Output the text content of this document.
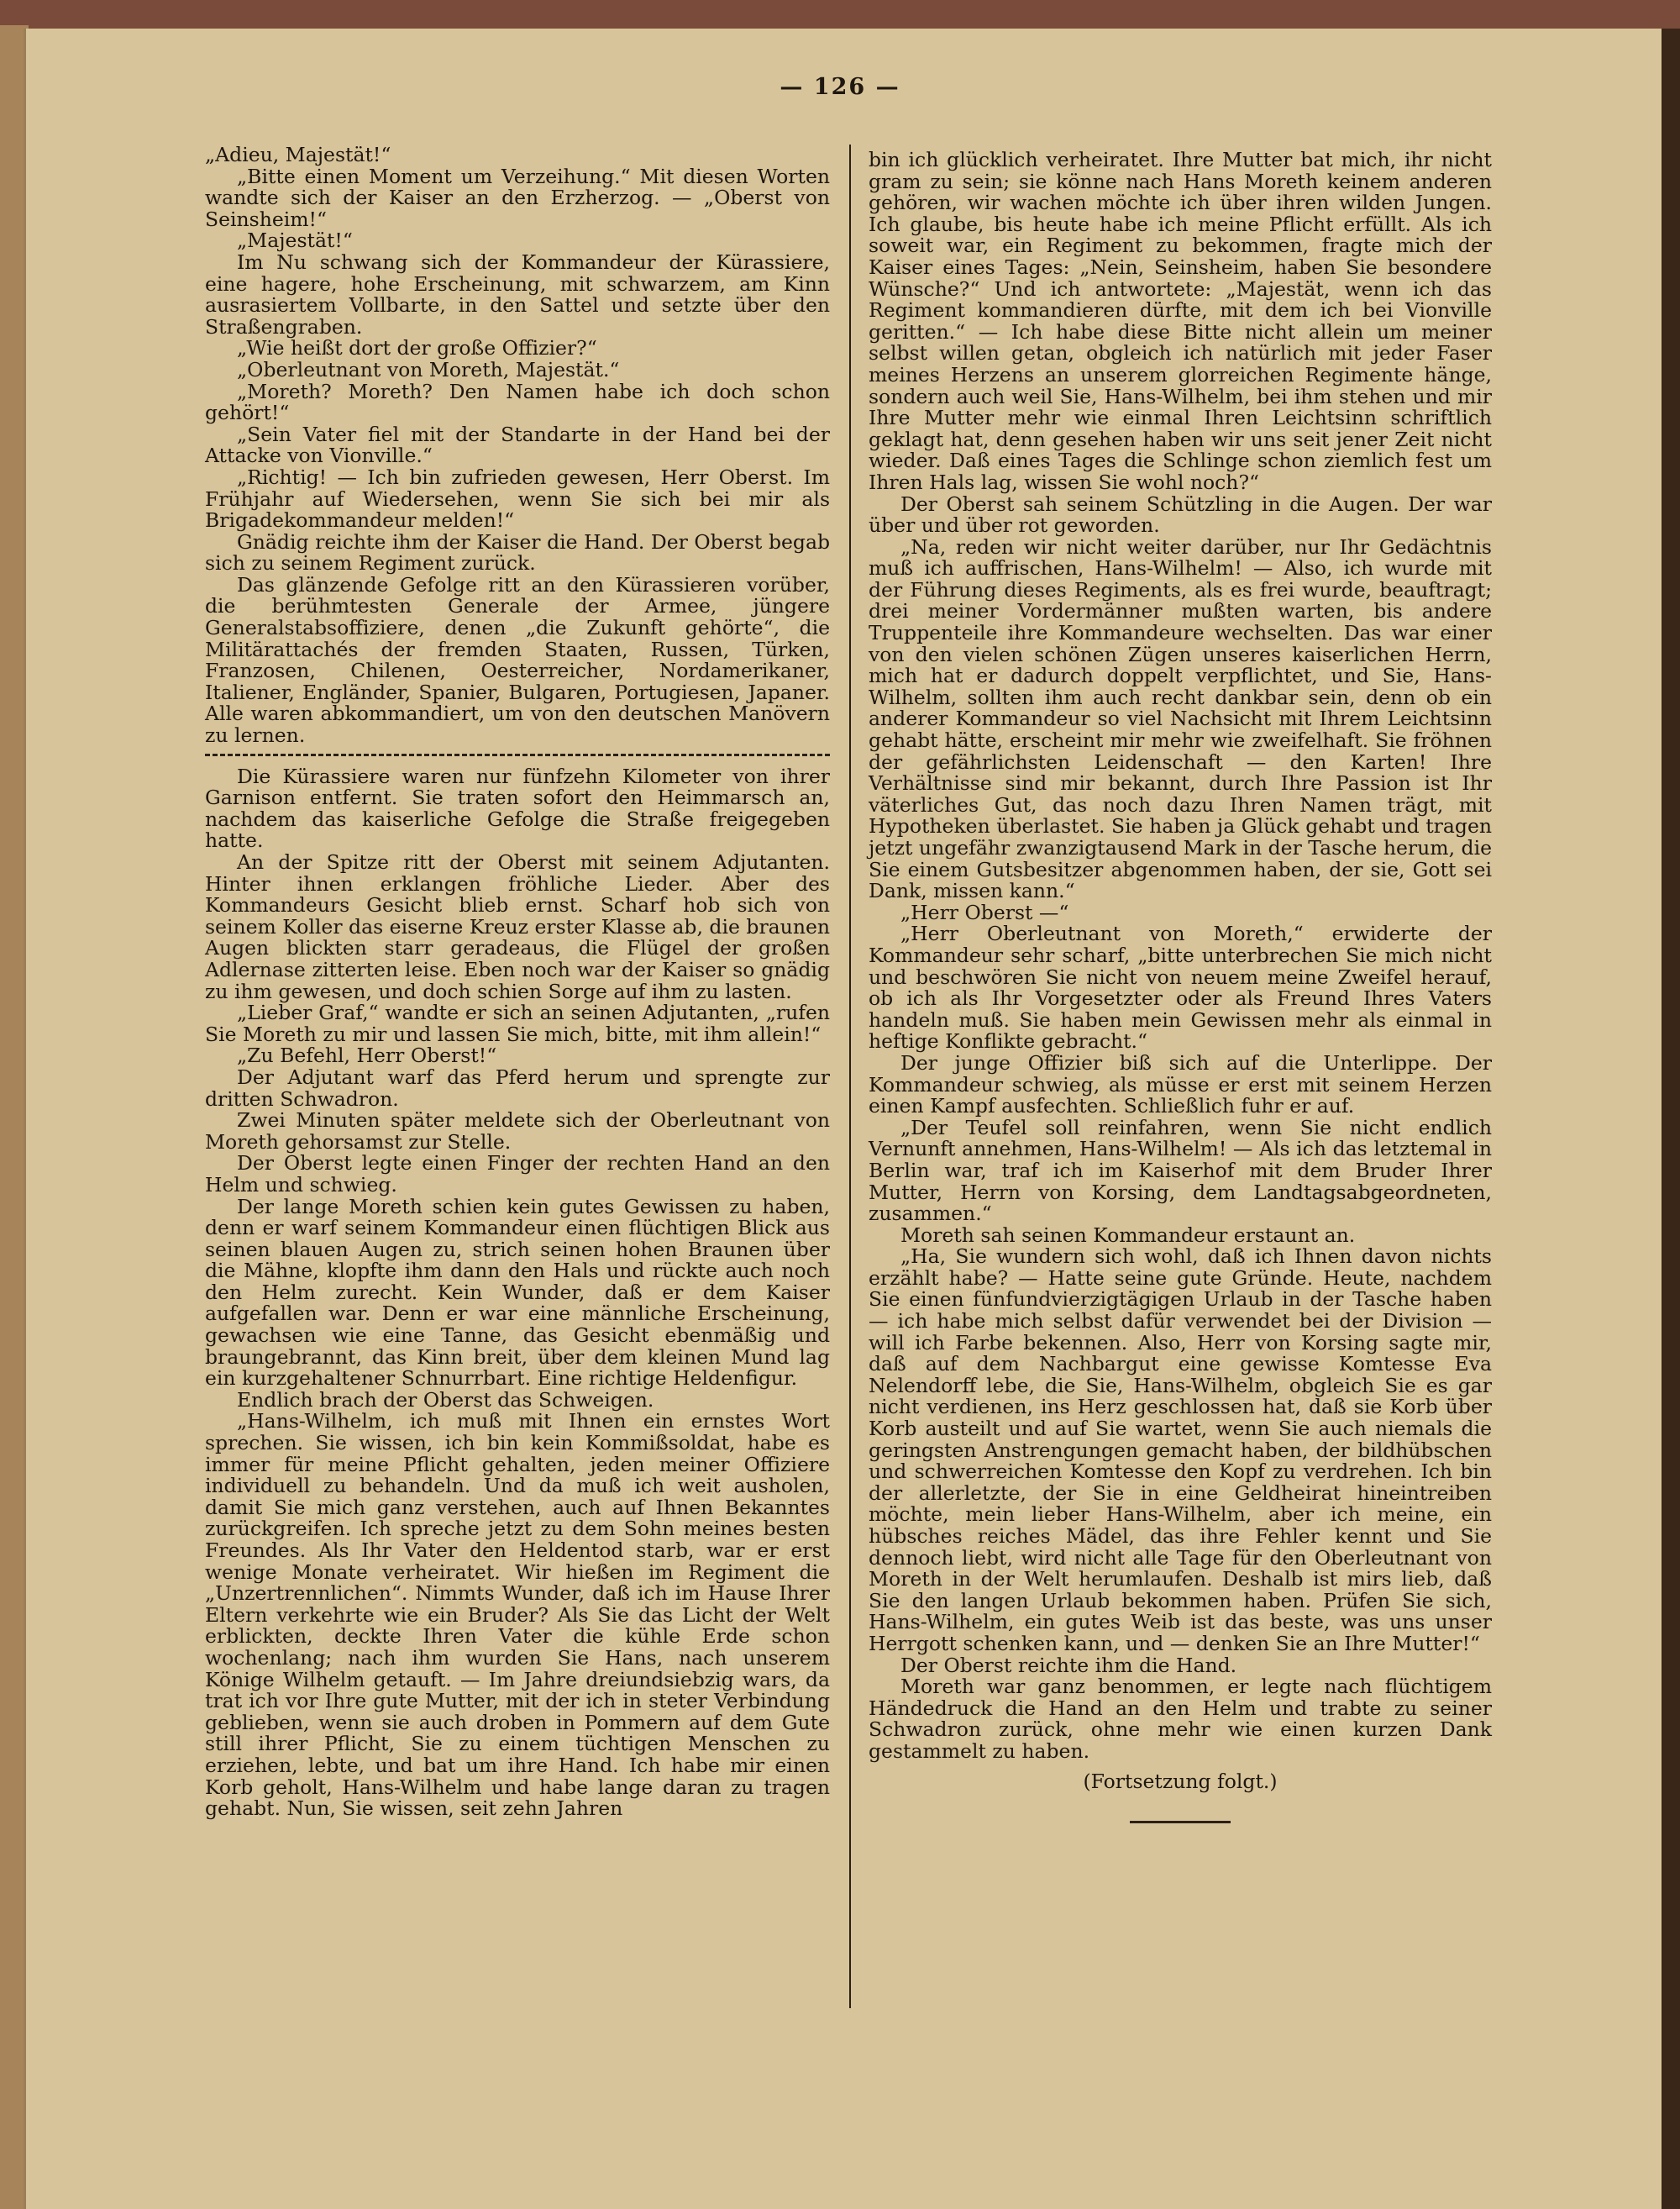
— 126 —

„Adieu, Majestät!“

„Bitte einen Moment um Verzeihung.“ Mit diesen Worten wandte sich der Kaiser an den Erzherzog. — „Oberst von Seinsheim!“

„Majestät!“

Im Nu schwang sich der Kommandeur der Kürassiere, eine hagere, hohe Erscheinung, mit schwarzem, am Kinn ausrasiertem Vollbarte, in den Sattel und setzte über den Straßengraben.

„Wie heißt dort der große Offizier?“

„Oberleutnant von Moreth, Majestät.“

„Moreth? Moreth? Den Namen habe ich doch schon gehört!“

„Sein Vater fiel mit der Standarte in der Hand bei der Attacke von Vionville.“

„Richtig! — Ich bin zufrieden gewesen, Herr Oberst. Im Frühjahr auf Wiedersehen, wenn Sie sich bei mir als Brigadekommandeur melden!“

Gnädig reichte ihm der Kaiser die Hand. Der Oberst begab sich zu seinem Regiment zurück.

Das glänzende Gefolge ritt an den Kürassieren vorüber, die berühmtesten Generale der Armee, jüngere Generalstabsoffiziere, denen „die Zukunft gehörte“, die Militärattachés der fremden Staaten, Russen, Türken, Franzosen, Chilenen, Oesterreicher, Nordamerikaner, Italiener, Engländer, Spanier, Bulgaren, Portugiesen, Japaner. Alle waren abkommandiert, um von den deutschen Manövern zu lernen.

Die Kürassiere waren nur fünfzehn Kilometer von ihrer Garnison entfernt. Sie traten sofort den Heimmarsch an, nachdem das kaiserliche Gefolge die Straße freigegeben hatte.

An der Spitze ritt der Oberst mit seinem Adjutanten. Hinter ihnen erklangen fröhliche Lieder. Aber des Kommandeurs Gesicht blieb ernst. Scharf hob sich von seinem Koller das eiserne Kreuz erster Klasse ab, die braunen Augen blickten starr geradeaus, die Flügel der großen Adlernase zitterten leise. Eben noch war der Kaiser so gnädig zu ihm gewesen, und doch schien Sorge auf ihm zu lasten.

„Lieber Graf,“ wandte er sich an seinen Adjutanten, „rufen Sie Moreth zu mir und lassen Sie mich, bitte, mit ihm allein!“

„Zu Befehl, Herr Oberst!“

Der Adjutant warf das Pferd herum und sprengte zur dritten Schwadron.

Zwei Minuten später meldete sich der Oberleutnant von Moreth gehorsamst zur Stelle.

Der Oberst legte einen Finger der rechten Hand an den Helm und schwieg.

Der lange Moreth schien kein gutes Gewissen zu haben, denn er warf seinem Kommandeur einen flüchtigen Blick aus seinen blauen Augen zu, strich seinen hohen Braunen über die Mähne, klopfte ihm dann den Hals und rückte auch noch den Helm zurecht. Kein Wunder, daß er dem Kaiser aufgefallen war. Denn er war eine männliche Erscheinung, gewachsen wie eine Tanne, das Gesicht ebenmäßig und braungebrannt, das Kinn breit, über dem kleinen Mund lag ein kurzgehaltener Schnurrbart. Eine richtige Heldenfigur.

Endlich brach der Oberst das Schweigen.

„Hans-Wilhelm, ich muß mit Ihnen ein ernstes Wort sprechen. Sie wissen, ich bin kein Kommißsoldat, habe es immer für meine Pflicht gehalten, jeden meiner Offiziere individuell zu behandeln. Und da muß ich weit ausholen, damit Sie mich ganz verstehen, auch auf Ihnen Bekanntes zurückgreifen. Ich spreche jetzt zu dem Sohn meines besten Freundes. Als Ihr Vater den Heldentod starb, war er erst wenige Monate verheiratet. Wir hießen im Regiment die „Unzertrennlichen“. Nimmts Wunder, daß ich im Hause Ihrer Eltern verkehrte wie ein Bruder? Als Sie das Licht der Welt erblickten, deckte Ihren Vater die kühle Erde schon wochenlang; nach ihm wurden Sie Hans, nach unserem Könige Wilhelm getauft. — Im Jahre dreiundsiebzig wars, da trat ich vor Ihre gute Mutter, mit der ich in steter Verbindung geblieben, wenn sie auch droben in Pommern auf dem Gute still ihrer Pflicht, Sie zu einem tüchtigen Menschen zu erziehen, lebte, und bat um ihre Hand. Ich habe mir einen Korb geholt, Hans-Wilhelm und habe lange daran zu tragen gehabt. Nun, Sie wissen, seit zehn Jahren

bin ich glücklich verheiratet. Ihre Mutter bat mich, ihr nicht gram zu sein; sie könne nach Hans Moreth keinem anderen gehören, wir wachen möchte ich über ihren wilden Jungen. Ich glaube, bis heute habe ich meine Pflicht erfüllt. Als ich soweit war, ein Regiment zu bekommen, fragte mich der Kaiser eines Tages: „Nein, Seinsheim, haben Sie besondere Wünsche?“ Und ich antwortete: „Majestät, wenn ich das Regiment kommandieren dürfte, mit dem ich bei Vionville geritten.“ — Ich habe diese Bitte nicht allein um meiner selbst willen getan, obgleich ich natürlich mit jeder Faser meines Herzens an unserem glorreichen Regimente hänge, sondern auch weil Sie, Hans-Wilhelm, bei ihm stehen und mir Ihre Mutter mehr wie einmal Ihren Leichtsinn schriftlich geklagt hat, denn gesehen haben wir uns seit jener Zeit nicht wieder. Daß eines Tages die Schlinge schon ziemlich fest um Ihren Hals lag, wissen Sie wohl noch?“

Der Oberst sah seinem Schützling in die Augen. Der war über und über rot geworden.

„Na, reden wir nicht weiter darüber, nur Ihr Gedächtnis muß ich auffrischen, Hans-Wilhelm! — Also, ich wurde mit der Führung dieses Regiments, als es frei wurde, beauftragt; drei meiner Vordermänner mußten warten, bis andere Truppenteile ihre Kommandeure wechselten. Das war einer von den vielen schönen Zügen unseres kaiserlichen Herrn, mich hat er dadurch doppelt verpflichtet, und Sie, Hans-Wilhelm, sollten ihm auch recht dankbar sein, denn ob ein anderer Kommandeur so viel Nachsicht mit Ihrem Leichtsinn gehabt hätte, erscheint mir mehr wie zweifelhaft. Sie fröhnen der gefährlichsten Leidenschaft — den Karten! Ihre Verhältnisse sind mir bekannt, durch Ihre Passion ist Ihr väterliches Gut, das noch dazu Ihren Namen trägt, mit Hypotheken überlastet. Sie haben ja Glück gehabt und tragen jetzt ungefähr zwanzigtausend Mark in der Tasche herum, die Sie einem Gutsbesitzer abgenommen haben, der sie, Gott sei Dank, missen kann.“

„Herr Oberst —“

„Herr Oberleutnant von Moreth,“ erwiderte der Kommandeur sehr scharf, „bitte unterbrechen Sie mich nicht und beschwören Sie nicht von neuem meine Zweifel herauf, ob ich als Ihr Vorgesetzter oder als Freund Ihres Vaters handeln muß. Sie haben mein Gewissen mehr als einmal in heftige Konflikte gebracht.“

Der junge Offizier biß sich auf die Unterlippe. Der Kommandeur schwieg, als müsse er erst mit seinem Herzen einen Kampf ausfechten. Schließlich fuhr er auf.

„Der Teufel soll reinfahren, wenn Sie nicht endlich Vernunft annehmen, Hans-Wilhelm! — Als ich das letztemal in Berlin war, traf ich im Kaiserhof mit dem Bruder Ihrer Mutter, Herrn von Korsing, dem Landtagsabgeordneten, zusammen.“

Moreth sah seinen Kommandeur erstaunt an.

„Ha, Sie wundern sich wohl, daß ich Ihnen davon nichts erzählt habe? — Hatte seine gute Gründe. Heute, nachdem Sie einen fünfundvierzigtägigen Urlaub in der Tasche haben — ich habe mich selbst dafür verwendet bei der Division — will ich Farbe bekennen. Also, Herr von Korsing sagte mir, daß auf dem Nachbargut eine gewisse Komtesse Eva Nelendorff lebe, die Sie, Hans-Wilhelm, obgleich Sie es gar nicht verdienen, ins Herz geschlossen hat, daß sie Korb über Korb austeilt und auf Sie wartet, wenn Sie auch niemals die geringsten Anstrengungen gemacht haben, der bildhübschen und schwerreichen Komtesse den Kopf zu verdrehen. Ich bin der allerletzte, der Sie in eine Geldheirat hineintreiben möchte, mein lieber Hans-Wilhelm, aber ich meine, ein hübsches reiches Mädel, das ihre Fehler kennt und Sie dennoch liebt, wird nicht alle Tage für den Oberleutnant von Moreth in der Welt herumlaufen. Deshalb ist mirs lieb, daß Sie den langen Urlaub bekommen haben. Prüfen Sie sich, Hans-Wilhelm, ein gutes Weib ist das beste, was uns unser Herrgott schenken kann, und — denken Sie an Ihre Mutter!“

Der Oberst reichte ihm die Hand.

Moreth war ganz benommen, er legte nach flüchtigem Händedruck die Hand an den Helm und trabte zu seiner Schwadron zurück, ohne mehr wie einen kurzen Dank gestammelt zu haben.

(Fortsetzung folgt.)
